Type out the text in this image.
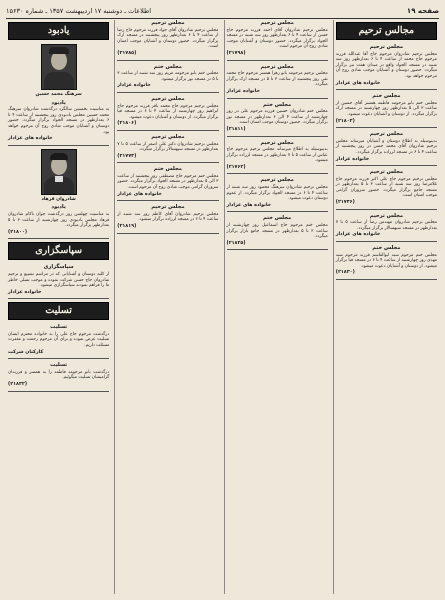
صفحه ۱۹
اطلاعات ـ دوشنبه ۱۷ اردیبهشت ۱۳۵۷ ـ شماره ۱۵۶۳۰
مجالس ترحیم
مجلس ترحیم
مجلس ترحیم شادروان مرحوم حاج آقا عبدالله فرزند مرحوم حاج محمد از ساعت ۴ تا ۶ بعدازظهر روز سه شنبه در مسجد الجواد واقع در میدان هفت تیر برگزار میگردد. حضور دوستان و آشنایان موجب شادی روح آن مرحوم خواهد بود.
خانواده های عزادار
مجلس ختم
مجلس ختم بانو مرحومه فاطمه همسر آقای حسین از ساعت ۳ الی ۵ بعدازظهر روز چهارشنبه در مسجد ارک برگزار میگردد. از دوستان و آشنایان دعوت میشود.
(۲۱۸۰۲)
مجلس ترحیم
بدینوسیله به اطلاع دوستان و آشنایان میرساند مجلس ترحیم شادروان آقای محمد حسن در روز پنجشنبه از ساعت ۴ تا ۶ در مسجد لرزاده برگزار میگردد.
خانواده عزادار
مجلس ترحیم
مجلس ترحیم مرحوم حاج علی اکبر فرزند مرحوم حاج غلامرضا روز سه شنبه از ساعت ۳ تا ۵ بعدازظهر در مسجد جامع برگزار میگردد. حضور سروران گرامی موجب امتنان است.
(۲۱۷۴۶)
مجلس ترحیم
مجلس ترحیم شادروان مهندس رضا از ساعت ۵ تا ۷ بعدازظهر در مسجد سپهسالار برگزار میگردد.
خانواده های عزادار
مجلس ختم
مجلس ختم مرحوم سید ابوالقاسم فرزند مرحوم سید مهدی روز چهارشنبه از ساعت ۴ تا ۶ در مسجد قبا برگزار میشود. از دوستان و آشنایان دعوت میشود.
(۲۱۸۳۰)
مجلس ترحیم
مجلس ترحیم شادروان آقای احمد فرزند مرحوم حاج حسن از ساعت ۴ تا ۶ بعدازظهر روز سه شنبه در مسجد الجواد برگزار میگردد. حضور دوستان و آشنایان موجب شادی روح آن مرحوم است.
(۲۱۷۹۸)
مجلس ترحیم
مجلس ترحیم مرحومه بانو زهرا همسر مرحوم حاج محمد تقی روز پنجشنبه از ساعت ۳ تا ۵ در مسجد ارک برگزار میگردد.
خانواده عزادار
مجلس ختم
مجلس ختم شادروان حسین فرزند مرحوم علی در روز چهارشنبه از ساعت ۴ الی ۶ بعدازظهر در مسجد نور برگزار میگردد. حضور دوستان موجب امتنان است.
(۲۱۸۱۱)
مجلس ترحیم
بدینوسیله به اطلاع میرساند مجلس ترحیم مرحوم حاج عباس از ساعت ۵ تا ۷ بعدازظهر در مسجد لرزاده برگزار میشود.
(۲۱۷۶۲)
مجلس ترحیم
مجلس ترحیم شادروان سرهنگ محمود روز سه شنبه از ساعت ۴ تا ۶ در مسجد الجواد برگزار میگردد. از عموم دوستان دعوت میشود.
خانواده های عزادار
مجلس ختم
مجلس ختم مرحوم حاج اسماعیل روز چهارشنبه از ساعت ۳ تا ۵ بعدازظهر در مسجد جامع بازار برگزار میگردد.
(۲۱۸۲۵)
مجلس ترحیم
مجلس ترحیم شادروان آقای جواد فرزند مرحوم حاج رضا از ساعت ۴ تا ۶ بعدازظهر روز پنجشنبه در مسجد ارک برگزار میگردد. حضور دوستان و آشنایان موجب امتنان است.
(۲۱۷۸۵)
مجلس ختم
مجلس ختم بانو مرحومه مریم روز سه شنبه از ساعت ۳ تا ۵ در مسجد نور برگزار میشود.
خانواده عزادار
مجلس ترحیم
مجلس ترحیم مرحوم حاج محمد باقر فرزند مرحوم حاج ابراهیم روز چهارشنبه از ساعت ۴ تا ۶ در مسجد قبا برگزار میگردد. از دوستان و آشنایان دعوت میشود.
(۲۱۸۰۶)
مجلس ترحیم
مجلس ترحیم شادروان دکتر علی اصغر از ساعت ۵ تا ۷ بعدازظهر در مسجد سپهسالار برگزار میگردد.
(۲۱۷۷۳)
مجلس ختم
مجلس ختم مرحوم حاج مصطفی روز پنجشنبه از ساعت ۳ الی ۵ بعدازظهر در مسجد الجواد برگزار میگردد. حضور سروران گرامی موجب شادی روح آن مرحوم است.
خانواده های عزادار
مجلس ترحیم
مجلس ترحیم شادروان آقای کاظم روز سه شنبه از ساعت ۴ تا ۶ در مسجد لرزاده برگزار میشود.
(۲۱۸۱۹)
یادبود
سرهنگ محمد حسین
یادبود
به مناسبت نخستین سالگرد درگذشت شادروان سرهنگ محمد حسین مجلس یادبودی روز پنجشنبه از ساعت ۴ تا ۶ بعدازظهر در مسجد الجواد برگزار میگردد. حضور دوستان و آشنایان موجب شادی روح آن مرحوم خواهد بود.
خانواده های عزادار
شادروان فرهاد
یادبود
به مناسبت چهلمین روز درگذشت جوان ناکام شادروان فرهاد مجلس یادبودی روز چهارشنبه از ساعت ۳ تا ۵ بعدازظهر برگزار میگردد.
(۲۱۸۰۰)
سپاسگزاری
سپاسگزاری
از کلیه دوستان و آشنایانی که در مراسم تشییع و ترحیم شادروان حاج حسن شرکت نموده و موجب تسلی خاطر ما را فراهم نمودند سپاسگزاری میشود.
خانواده عزادار
تسلیت
تسلیت
درگذشت مرحوم حاج علی را به خانواده محترم ایشان تسلیت عرض نموده و برای آن مرحوم رحمت و مغفرت مسئلت داریم.
کارکنان شرکت
تسلیت
درگذشت بانو مرحومه فاطمه را به همسر و فرزندان گرامیشان تسلیت میگوئیم.
(۲۱۸۴۲)
